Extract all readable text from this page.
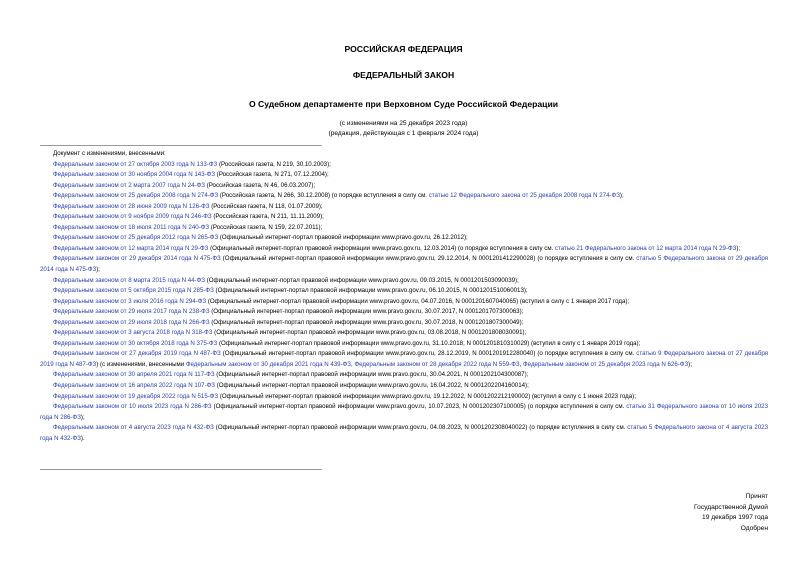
РОССИЙСКАЯ ФЕДЕРАЦИЯ
ФЕДЕРАЛЬНЫЙ ЗАКОН
О Судебном департаменте при Верховном Суде Российской Федерации
(с изменениями на 25 декабря 2023 года)
(редакция, действующая с 1 февраля 2024 года)
Документ с изменениями, внесенными:
Федеральным законом от 27 октября 2003 года N 133-ФЗ (Российская газета, N 219, 30.10.2003);
Федеральным законом от 30 ноября 2004 года N 143-ФЗ (Российская газета, N 271, 07.12.2004);
Федеральным законом от 2 марта 2007 года N 24-ФЗ (Российская газета, N 46, 06.03.2007);
Федеральным законом от 25 декабря 2008 года N 274-ФЗ (Российская газета, N 266, 30.12.2008) (о порядке вступления в силу см. статью 12 Федерального закона от 25 декабря 2008 года N 274-ФЗ);
Федеральным законом от 28 июня 2009 года N 126-ФЗ (Российская газета, N 118, 01.07.2009);
Федеральным законом от 9 ноября 2009 года N 246-ФЗ (Российская газета, N 211, 11.11.2009);
Федеральным законом от 18 июля 2011 года N 240-ФЗ (Российская газета, N 159, 22.07.2011);
Федеральным законом от 25 декабря 2012 года N 265-ФЗ (Официальный интернет-портал правовой информации www.pravo.gov.ru, 26.12.2012);
Федеральным законом от 12 марта 2014 года N 29-ФЗ (Официальный интернет-портал правовой информации www.pravo.gov.ru, 12.03.2014) (о порядке вступления в силу см. статью 21 Федерального закона от 12 марта 2014 года N 29-ФЗ);
Федеральным законом от 29 декабря 2014 года N 475-ФЗ (Официальный интернет-портал правовой информации www.pravo.gov.ru, 29.12.2014, N 0001201412290028) (о порядке вступления в силу см. статью 5 Федерального закона от 29 декабря 2014 года N 475-ФЗ);
Федеральным законом от 8 марта 2015 года N 44-ФЗ (Официальный интернет-портал правовой информации www.pravo.gov.ru, 09.03.2015, N 0001201503090039);
Федеральным законом от 5 октября 2015 года N 285-ФЗ (Официальный интернет-портал правовой информации www.pravo.gov.ru, 06.10.2015, N 0001201510060013);
Федеральным законом от 3 июля 2016 года N 294-ФЗ (Официальный интернет-портал правовой информации www.pravo.gov.ru, 04.07.2016, N 0001201607040065) (вступил в силу с 1 января 2017 года);
Федеральным законом от 29 июля 2017 года N 238-ФЗ (Официальный интернет-портал правовой информации www.pravo.gov.ru, 30.07.2017, N 0001201707300063);
Федеральным законом от 29 июля 2018 года N 266-ФЗ (Официальный интернет-портал правовой информации www.pravo.gov.ru, 30.07.2018, N 0001201807300049);
Федеральным законом от 3 августа 2018 года N 318-ФЗ (Официальный интернет-портал правовой информации www.pravo.gov.ru, 03.08.2018, N 0001201808030091);
Федеральным законом от 30 октября 2018 года N 375-ФЗ (Официальный интернет-портал правовой информации www.pravo.gov.ru, 31.10.2018, N 0001201810310029) (вступил в силу с 1 января 2019 года);
Федеральным законом от 27 декабря 2019 года N 487-ФЗ (Официальный интернет-портал правовой информации www.pravo.gov.ru, 28.12.2019, N 0001201912280040) (о порядке вступления в силу см. статью 9 Федерального закона от 27 декабря 2019 года N 487-ФЗ) (с изменениями, внесенными Федеральным законом от 30 декабря 2021 года N 439-ФЗ, Федеральным законом от 28 декабря 2022 года N 559-ФЗ, Федеральным законом от 25 декабря 2023 года N 626-ФЗ);
Федеральным законом от 30 апреля 2021 года N 117-ФЗ (Официальный интернет-портал правовой информации www.pravo.gov.ru, 30.04.2021, N 0001202104300087);
Федеральным законом от 16 апреля 2022 года N 107-ФЗ (Официальный интернет-портал правовой информации www.pravo.gov.ru, 16.04.2022, N 0001202204160014);
Федеральным законом от 19 декабря 2022 года N 515-ФЗ (Официальный интернет-портал правовой информации www.pravo.gov.ru, 19.12.2022, N 0001202212190002) (вступил в силу с 1 июня 2023 года);
Федеральным законом от 10 июля 2023 года N 286-ФЗ (Официальный интернет-портал правовой информации www.pravo.gov.ru, 10.07.2023, N 0001202307100005) (о порядке вступления в силу см. статью 31 Федерального закона от 10 июля 2023 года N 286-ФЗ);
Федеральным законом от 4 августа 2023 года N 432-ФЗ (Официальный интернет-портал правовой информации www.pravo.gov.ru, 04.08.2023, N 0001202308040022) (о порядке вступления в силу см. статью 5 Федерального закона от 4 августа 2023 года N 432-ФЗ).
Принят
Государственной Думой
19 декабря 1997 года
Одобрен
